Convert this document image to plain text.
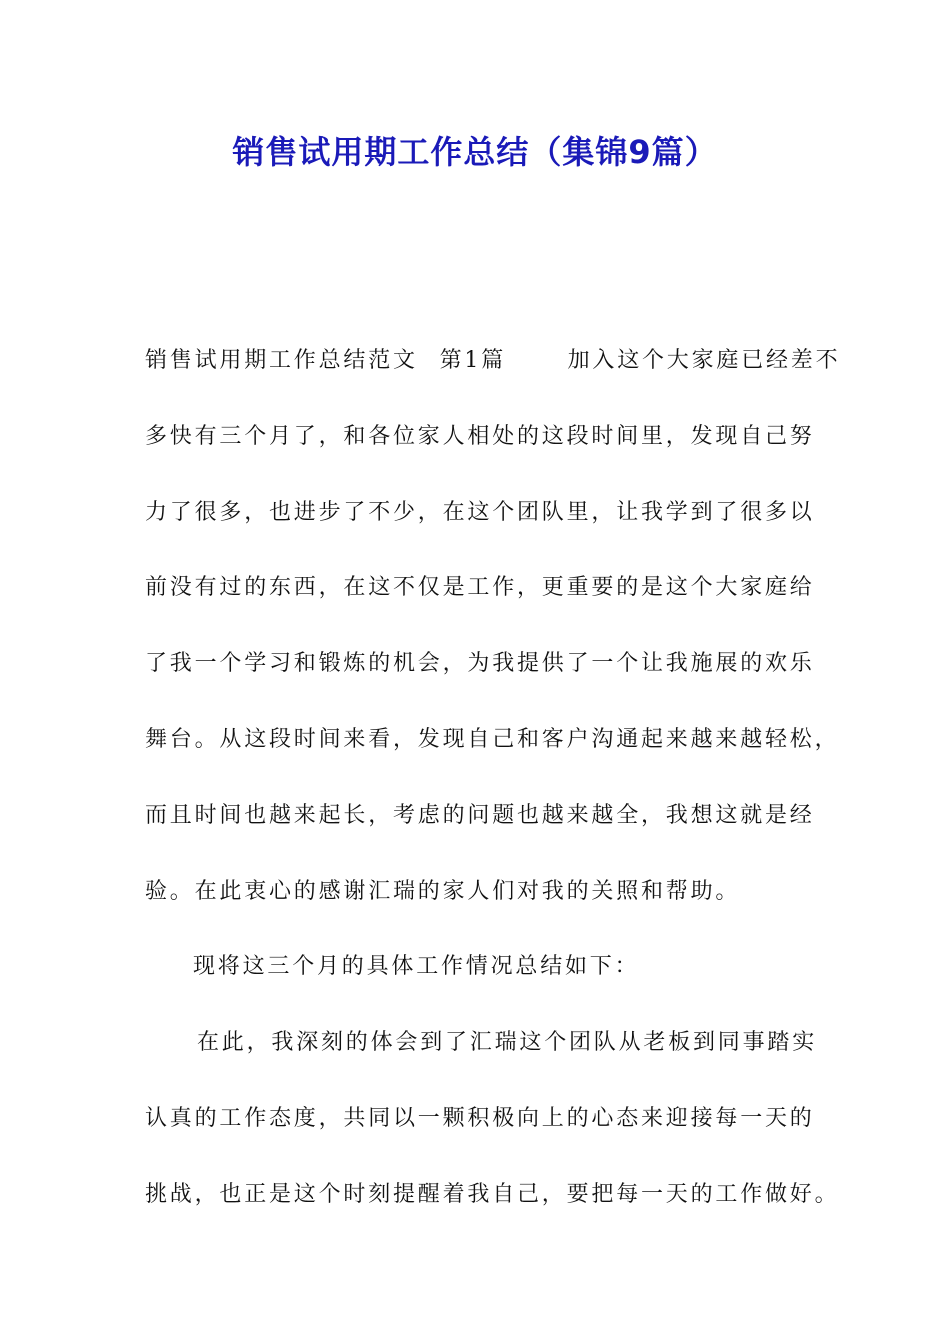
销售试用期工作总结（集锦9篇）
销售试用期工作总结范文 第1篇	加入这个大家庭已经差不
多快有三个月了，和各位家人相处的这段时间里，发现自己努
力了很多，也进步了不少，在这个团队里，让我学到了很多以
前没有过的东西，在这不仅是工作，更重要的是这个大家庭给
了我一个学习和锻炼的机会，为我提供了一个让我施展的欢乐
舞台。从这段时间来看，发现自己和客户沟通起来越来越轻松，
而且时间也越来起长，考虑的问题也越来越全，我想这就是经
验。在此衷心的感谢汇瑞的家人们对我的关照和帮助。
现将这三个月的具体工作情况总结如下：
在此，我深刻的体会到了汇瑞这个团队从老板到同事踏实
认真的工作态度，共同以一颗积极向上的心态来迎接每一天的
挑战，也正是这个时刻提醒着我自己，要把每一天的工作做好。
